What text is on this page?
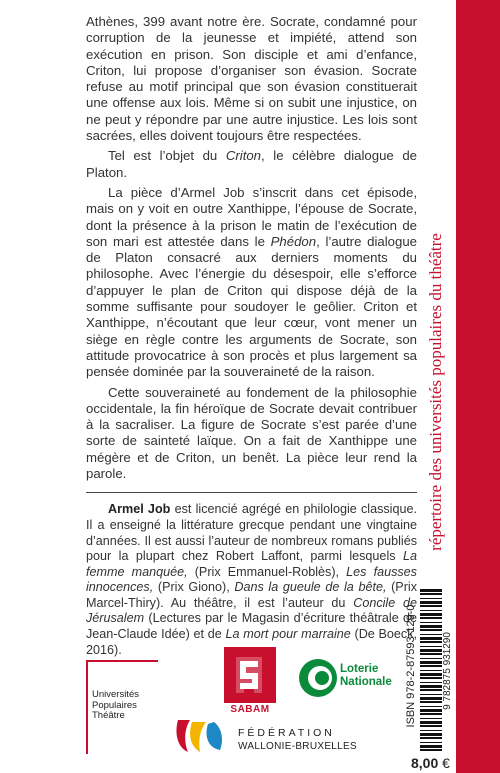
Athènes, 399 avant notre ère. Socrate, condamné pour corruption de la jeunesse et impiété, attend son exécution en prison. Son disciple et ami d’enfance, Criton, lui propose d’organiser son évasion. Socrate refuse au motif principal que son évasion constituerait une offense aux lois. Même si on subit une injustice, on ne peut y répondre par une autre injustice. Les lois sont sacrées, elles doivent toujours être respectées.

Tel est l’objet du Criton, le célèbre dialogue de Platon.

La pièce d’Armel Job s’inscrit dans cet épisode, mais on y voit en outre Xanthippe, l’épouse de Socrate, dont la présence à la prison le matin de l’exécution de son mari est attestée dans le Phédon, l’autre dialogue de Platon consacré aux derniers moments du philosophe. Avec l’énergie du désespoir, elle s’efforce d’appuyer le plan de Criton qui dispose déjà de la somme suffisante pour soudoyer le geôlier. Criton et Xanthippe, n’écoutant que leur cœur, vont mener un siège en règle contre les arguments de Socrate, son attitude provocatrice à son procès et plus largement sa pensée dominée par la souveraineté de la raison.

Cette souveraineté au fondement de la philosophie occidentale, la fin héroïque de Socrate devait contribuer à la sacraliser. La figure de Socrate s’est parée d’une sorte de sainteté laïque. On a fait de Xanthippe une mégère et de Criton, un benêt. La pièce leur rend la parole.

Armel Job est licencié agrégé en philologie classique. Il a enseigné la littérature grecque pendant une vingtaine d’années. Il est aussi l’auteur de nombreux romans publiés pour la plupart chez Robert Laffont, parmi lesquels La femme manquée, (Prix Emmanuel-Roblès), Les fausses innocences, (Prix Giono), Dans la gueule de la bête, (Prix Marcel-Thiry). Au théâtre, il est l’auteur du Concile de Jérusalem (Lectures par le Magasin d’écriture théâtrale de Jean-Claude Idée) et de La mort pour marraine (De Boeck, 2016).

répertoire des universités populaires du théâtre
ISBN 978-2-87593-129-0	9 782875 931290
8,00 €
Universités
Populaires
Théâtre
SABAM
Loterie
Nationale
FÉDÉRATION
WALLONIE-BRUXELLES
